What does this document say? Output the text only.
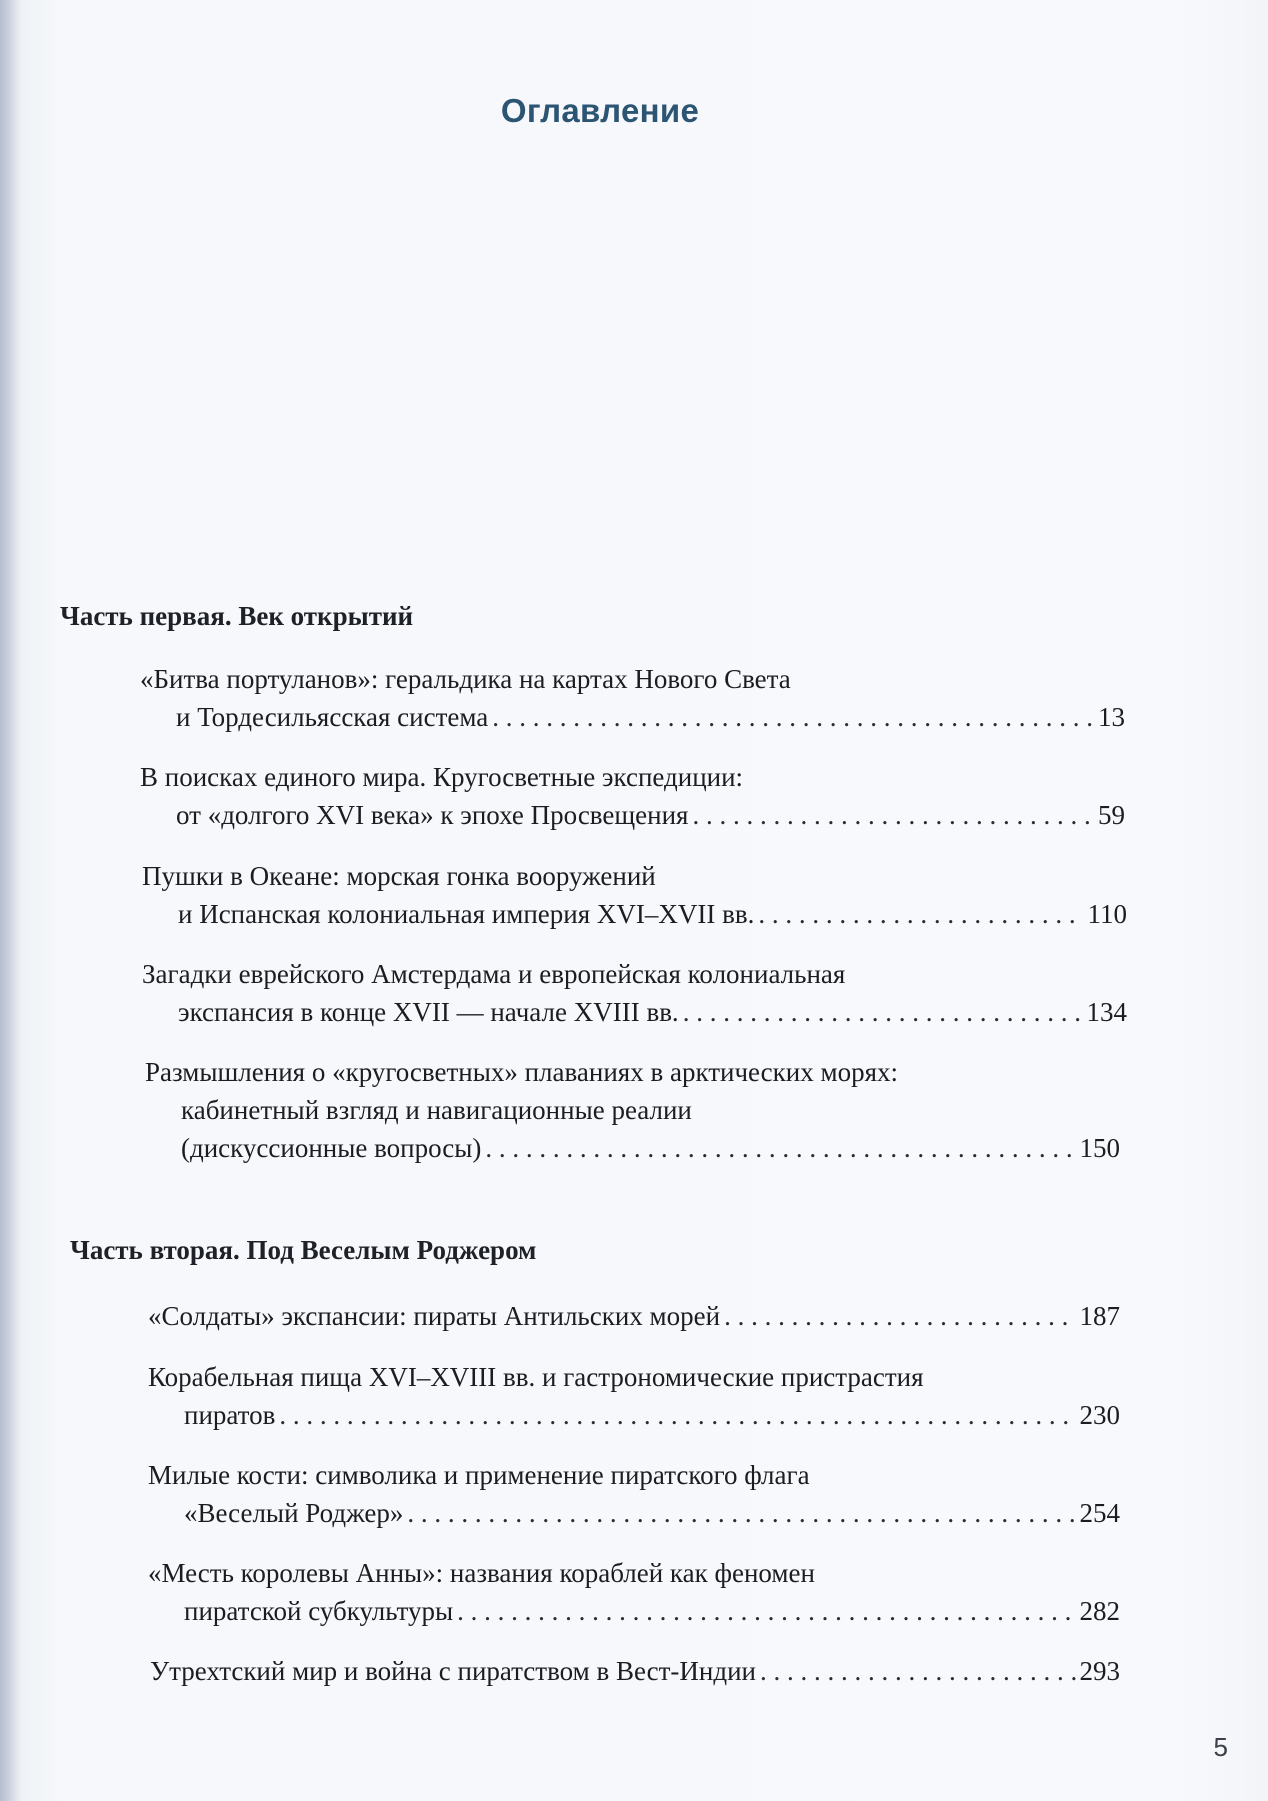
Оглавление
Часть первая. Век открытий
«Битва портуланов»: геральдика на картах Нового Света
и Тордесильясская система . . .	13
В поисках единого мира. Кругосветные экспедиции:
от «долгого XVI века» к эпохе Просвещения . . .	59
Пушки в Океане: морская гонка вооружений
и Испанская колониальная империя XVI–XVII вв. . . .	110
Загадки еврейского Амстердама и европейская колониальная
экспансия в конце XVII — начале XVIII вв. . . .	134
Размышления о «кругосветных» плаваниях в арктических морях:
кабинетный взгляд и навигационные реалии
(дискуссионные вопросы) . . .	150
Часть вторая. Под Веселым Роджером
«Солдаты» экспансии: пираты Антильских морей . . .	187
Корабельная пища XVI–XVIII вв. и гастрономические пристрастия
пиратов . . .	230
Милые кости: символика и применение пиратского флага
«Веселый Роджер» . . .	254
«Месть королевы Анны»: названия кораблей как феномен
пиратской субкультуры . . .	282
Утрехтский мир и война с пиратством в Вест-Индии . . .	293
5
